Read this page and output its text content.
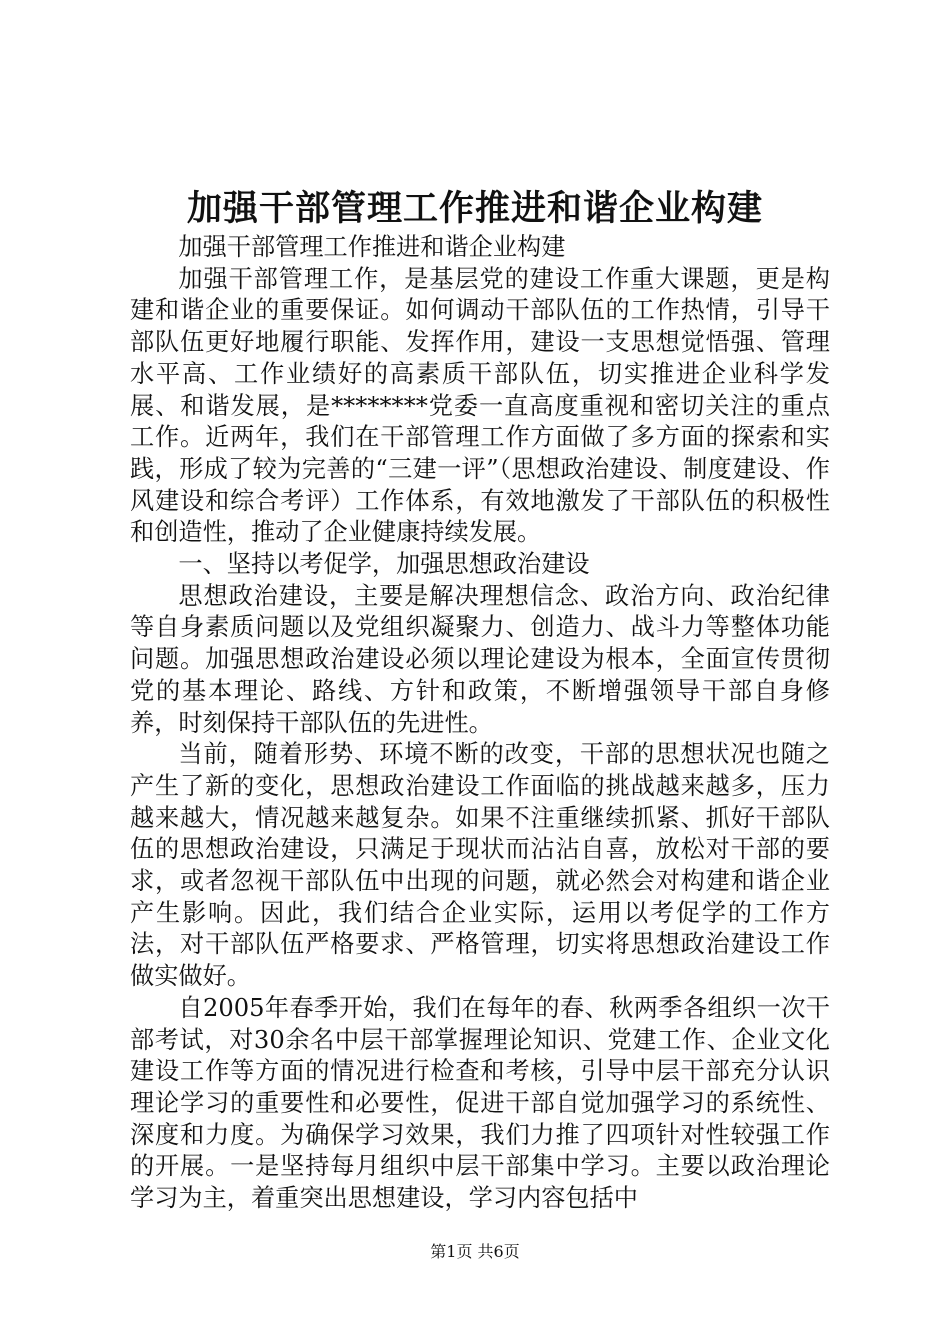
加强干部管理工作推进和谐企业构建

加强干部管理工作推进和谐企业构建

加强干部管理工作，是基层党的建设工作重大课题，更是构建和谐企业的重要保证。如何调动干部队伍的工作热情，引导干部队伍更好地履行职能、发挥作用，建设一支思想觉悟强、管理水平高、工作业绩好的高素质干部队伍，切实推进企业科学发展、和谐发展，是********党委一直高度重视和密切关注的重点工作。近两年，我们在干部管理工作方面做了多方面的探索和实践，形成了较为完善的“三建一评”（思想政治建设、制度建设、作风建设和综合考评）工作体系，有效地激发了干部队伍的积极性和创造性，推动了企业健康持续发展。

一、坚持以考促学，加强思想政治建设

思想政治建设，主要是解决理想信念、政治方向、政治纪律等自身素质问题以及党组织凝聚力、创造力、战斗力等整体功能问题。加强思想政治建设必须以理论建设为根本，全面宣传贯彻党的基本理论、路线、方针和政策，不断增强领导干部自身修养，时刻保持干部队伍的先进性。

当前，随着形势、环境不断的改变，干部的思想状况也随之产生了新的变化，思想政治建设工作面临的挑战越来越多，压力越来越大，情况越来越复杂。如果不注重继续抓紧、抓好干部队伍的思想政治建设，只满足于现状而沾沾自喜，放松对干部的要求，或者忽视干部队伍中出现的问题，就必然会对构建和谐企业产生影响。因此，我们结合企业实际，运用以考促学的工作方法，对干部队伍严格要求、严格管理，切实将思想政治建设工作做实做好。

自2005年春季开始，我们在每年的春、秋两季各组织一次干部考试，对30余名中层干部掌握理论知识、党建工作、企业文化建设工作等方面的情况进行检查和考核，引导中层干部充分认识理论学习的重要性和必要性，促进干部自觉加强学习的系统性、深度和力度。为确保学习效果，我们力推了四项针对性较强工作的开展。一是坚持每月组织中层干部集中学习。主要以政治理论学习为主，着重突出思想建设，学习内容包括中

第1页 共6页
